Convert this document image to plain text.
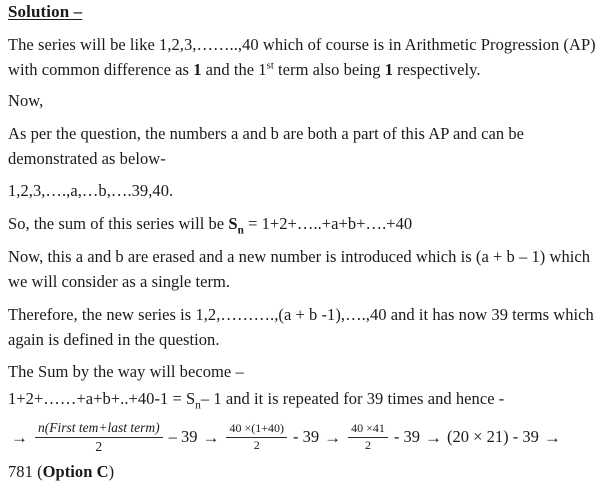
Solution –

The series will be like 1,2,3,……..,40 which of course is in Arithmetic Progression (AP) with common difference as 1 and the 1st term also being 1 respectively.

Now,

As per the question, the numbers a and b are both a part of this AP and can be demonstrated as below-

1,2,3,….,a,…b,….39,40.

So, the sum of this series will be $S_n$ = 1+2+…..+a+b+….+40

Now, this a and b are erased and a new number is introduced which is (a + b – 1) which we will consider as a single term.

Therefore, the new series is 1,2,……….,(a + b -1),….,40 and it has now 39 terms which again is defined in the question.

The Sum by the way will become –

1+2+……+a+b+..+40-1 = $S_n-$ 1 and it is repeated for 39 times and hence -

→ $\frac{\text{n(First tem+last term)}}{2} - 39 \to \frac{40 \times(1+40)}{2} - 39 \to \frac{40 \times 41}{2} - 39 \to (20 \times 21) - 39$ →

781 (Option C)
